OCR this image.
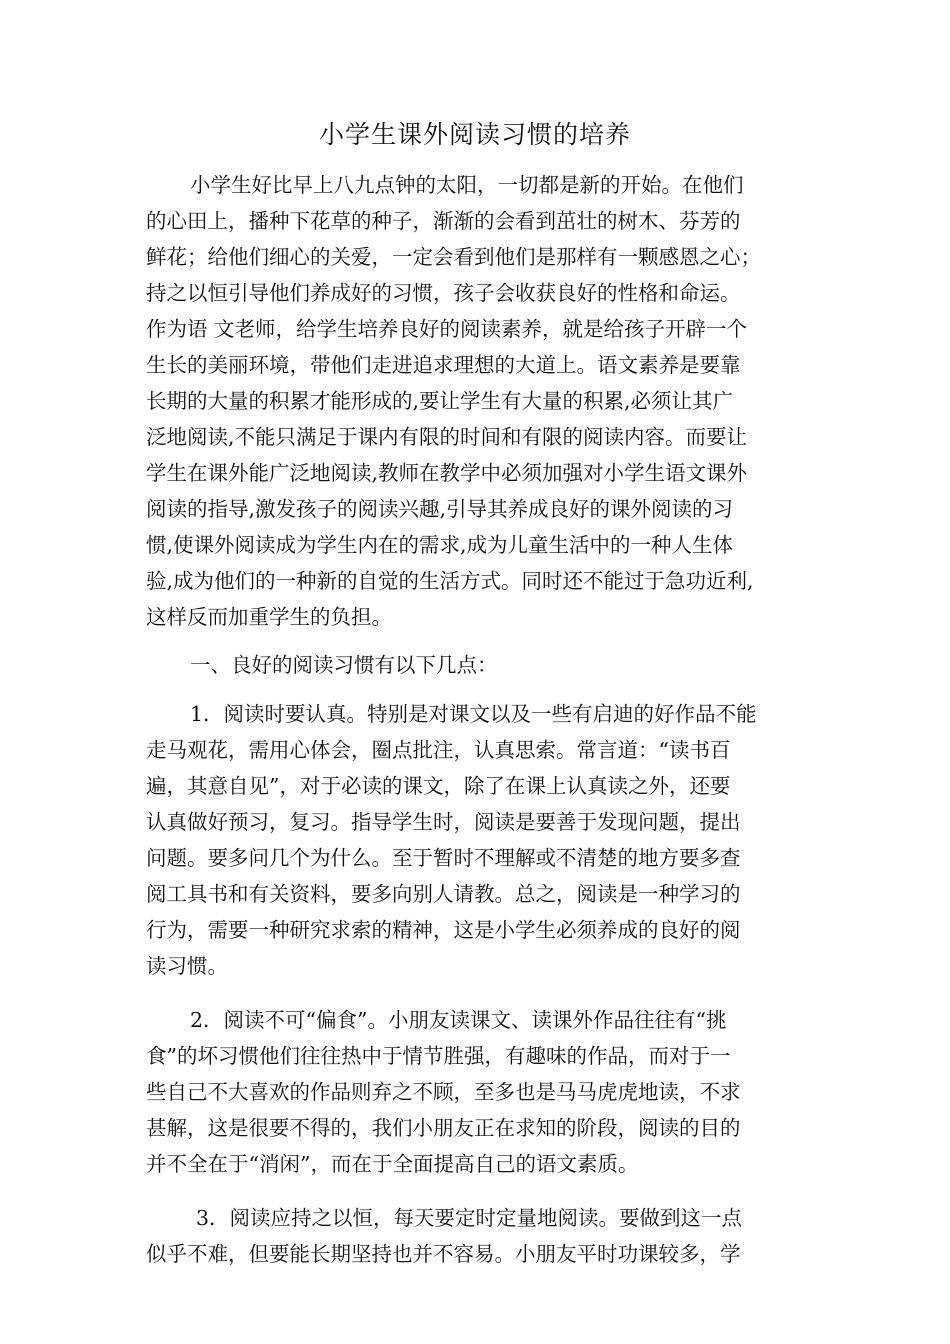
小学生课外阅读习惯的培养
小学生好比早上八九点钟的太阳，一切都是新的开始。在他们
的心田上，播种下花草的种子，渐渐的会看到茁壮的树木、芬芳的
鲜花；给他们细心的关爱，一定会看到他们是那样有一颗感恩之心；
持之以恒引导他们养成好的习惯，孩子会收获良好的性格和命运。
作为语 文老师，给学生培养良好的阅读素养，就是给孩子开辟一个
生长的美丽环境，带他们走进追求理想的大道上。语文素养是要靠
长期的大量的积累才能形成的,要让学生有大量的积累,必须让其广
泛地阅读,不能只满足于课内有限的时间和有限的阅读内容。而要让
学生在课外能广泛地阅读,教师在教学中必须加强对小学生语文课外
阅读的指导,激发孩子的阅读兴趣,引导其养成良好的课外阅读的习
惯,使课外阅读成为学生内在的需求,成为儿童生活中的一种人生体
验,成为他们的一种新的自觉的生活方式。同时还不能过于急功近利,
这样反而加重学生的负担。
一、良好的阅读习惯有以下几点：
1．阅读时要认真。特别是对课文以及一些有启迪的好作品不能
走马观花，需用心体会，圈点批注，认真思索。常言道：“读书百
遍，其意自见”，对于必读的课文，除了在课上认真读之外，还要
认真做好预习，复习。指导学生时，阅读是要善于发现问题，提出
问题。要多问几个为什么。至于暂时不理解或不清楚的地方要多查
阅工具书和有关资料，要多向别人请教。总之，阅读是一种学习的
行为，需要一种研究求索的精神，这是小学生必须养成的良好的阅
读习惯。
2．阅读不可“偏食”。小朋友读课文、读课外作品往往有“挑
食”的坏习惯他们往往热中于情节胜强，有趣味的作品，而对于一
些自己不大喜欢的作品则弃之不顾，至多也是马马虎虎地读，不求
甚解，这是很要不得的，我们小朋友正在求知的阶段，阅读的目的
并不全在于“消闲”，而在于全面提高自己的语文素质。
3．阅读应持之以恒，每天要定时定量地阅读。要做到这一点
似乎不难，但要能长期坚持也并不容易。小朋友平时功课较多，学
